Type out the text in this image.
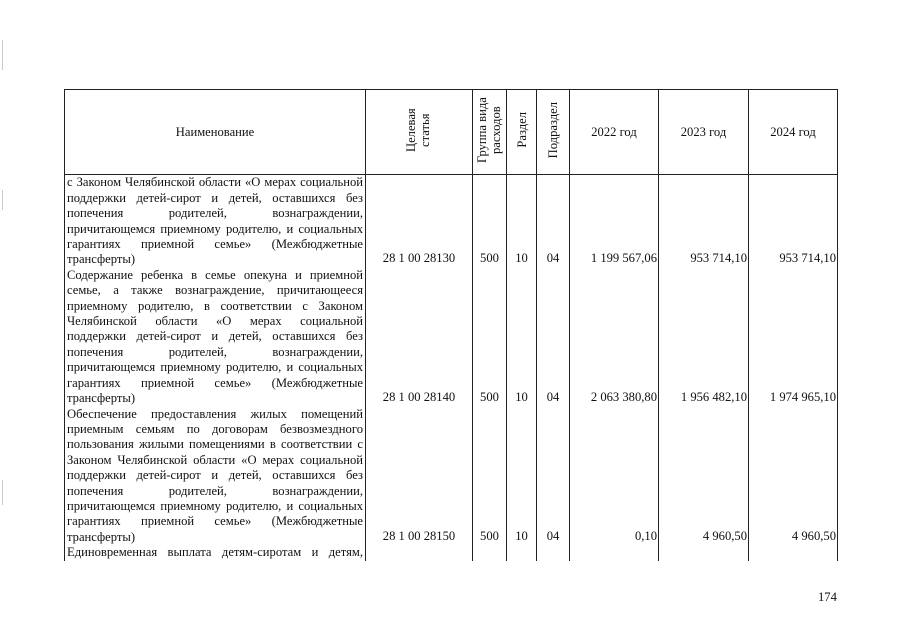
Наименование	Целевая статья	Группа вида расходов	Раздел	Подраздел	2022 год	2023 год	2024 год

с Законом Челябинской области «О мерах социальной поддержки детей-сирот и детей, оставшихся без попечения родителей, вознаграждении, причитающемся приемному родителю, и социальных гарантиях приемной семье» (Межбюджетные трансферты)	28 1 00 28130	500	10	04	1 199 567,06	953 714,10	953 714,10

Содержание ребенка в семье опекуна и приемной семье, а также вознаграждение, причитающееся приемному родителю, в соответствии с Законом Челябинской области «О мерах социальной поддержки детей-сирот и детей, оставшихся без попечения родителей, вознаграждении, причитающемся приемному родителю, и социальных гарантиях приемной семье» (Межбюджетные трансферты)	28 1 00 28140	500	10	04	2 063 380,80	1 956 482,10	1 974 965,10

Обеспечение предоставления жилых помещений приемным семьям по договорам безвозмездного пользования жилыми помещениями в соответствии с Законом Челябинской области «О мерах социальной поддержки детей-сирот и детей, оставшихся без попечения родителей, вознаграждении, причитающемся приемному родителю, и социальных гарантиях приемной семье» (Межбюджетные трансферты)	28 1 00 28150	500	10	04	0,10	4 960,50	4 960,50

Единовременная выплата детям-сиротам и детям,							

174
